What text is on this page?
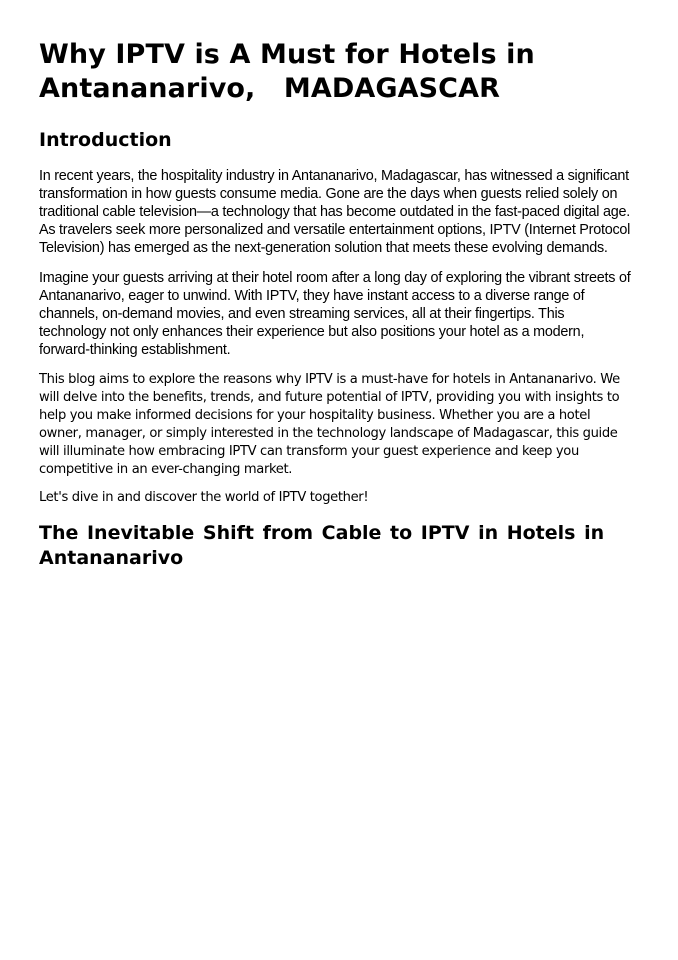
Why IPTV is A Must for Hotels in Antananarivo,   MADAGASCAR
Introduction

In recent years, the hospitality industry in Antananarivo, Madagascar, has witnessed a significant transformation in how guests consume media. Gone are the days when guests relied solely on traditional cable television—a technology that has become outdated in the fast-paced digital age. As travelers seek more personalized and versatile entertainment options, IPTV (Internet Protocol Television) has emerged as the next-generation solution that meets these evolving demands.

Imagine your guests arriving at their hotel room after a long day of exploring the vibrant streets of Antananarivo, eager to unwind. With IPTV, they have instant access to a diverse range of channels, on-demand movies, and even streaming services, all at their fingertips. This technology not only enhances their experience but also positions your hotel as a modern, forward-thinking establishment.

This blog aims to explore the reasons why IPTV is a must-have for hotels in Antananarivo. We will delve into the benefits, trends, and future potential of IPTV, providing you with insights to help you make informed decisions for your hospitality business. Whether you are a hotel owner, manager, or simply interested in the technology landscape of Madagascar, this guide will illuminate how embracing IPTV can transform your guest experience and keep you competitive in an ever-changing market.

Let's dive in and discover the world of IPTV together!

The Inevitable Shift from Cable to IPTV in Hotels in Antananarivo
